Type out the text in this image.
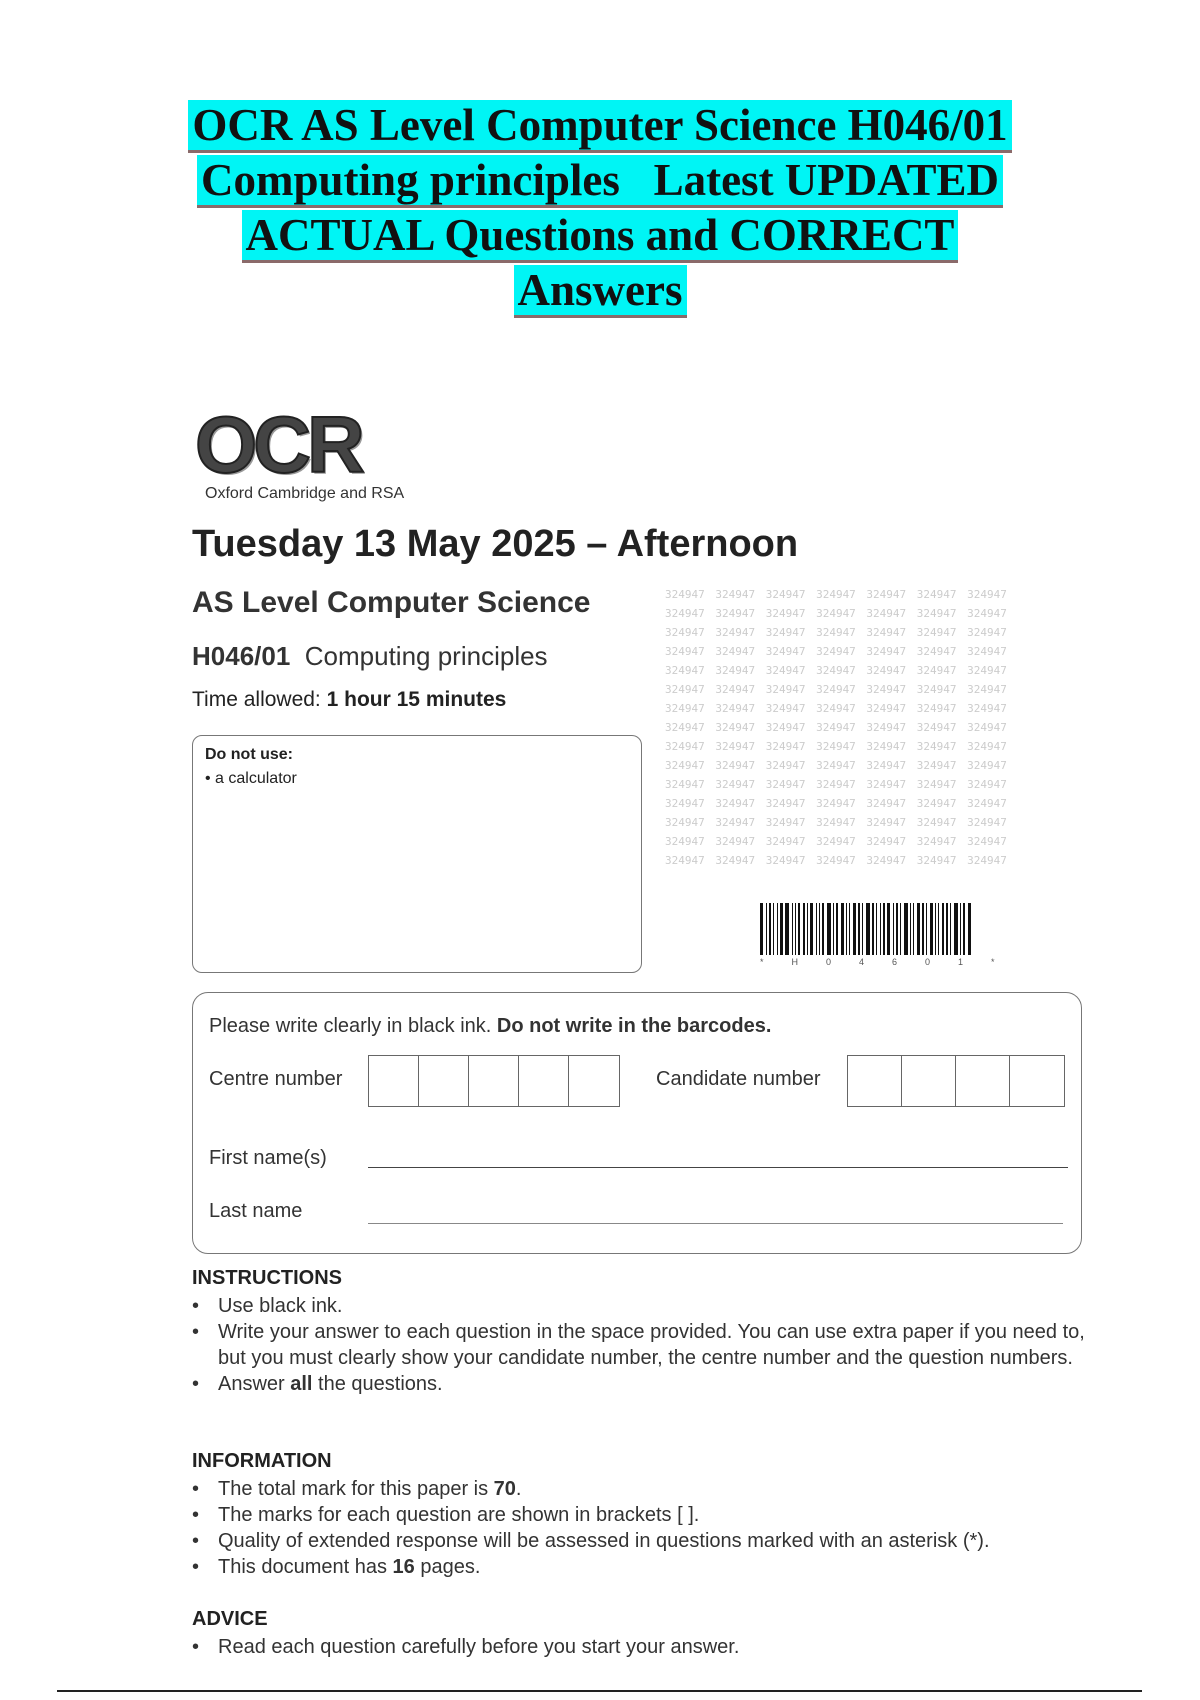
OCR AS Level Computer Science H046/01
Computing principles   Latest UPDATED
ACTUAL Questions and CORRECT
Answers
OCR
Oxford Cambridge and RSA
324947 324947 324947 324947 324947 324947 324947 324947 324947 324947 324947 324947 324947 324947 324947 324947 324947 324947 324947 324947 324947 324947 324947 324947 324947 324947 324947 324947 324947 324947 324947 324947 324947 324947 324947 324947 324947 324947 324947 324947 324947 324947 324947 324947 324947 324947 324947 324947 324947 324947 324947 324947 324947 324947 324947 324947 324947 324947 324947 324947 324947 324947 324947 324947 324947 324947 324947 324947 324947 324947 324947 324947 324947 324947 324947 324947 324947 324947 324947 324947 324947 324947 324947 324947 324947 324947 324947 324947 324947 324947 324947 324947 324947 324947 324947 324947 324947 324947 324947 324947 324947 324947 324947 324947 324947
Tuesday 13 May 2025 – Afternoon
AS Level Computer Science
H046/01 Computing principles
Time allowed: 1 hour 15 minutes
Do not use:
• a calculator
*H04601*
Please write clearly in black ink. Do not write in the barcodes.
Centre number	Candidate number
First name(s)
Last name
INSTRUCTIONS
• Use black ink.
• Write your answer to each question in the space provided. You can use extra paper if you need to, but you must clearly show your candidate number, the centre number and the question numbers.
• Answer all the questions.
INFORMATION
• The total mark for this paper is 70.
• The marks for each question are shown in brackets [ ].
• Quality of extended response will be assessed in questions marked with an asterisk (*).
• This document has 16 pages.
ADVICE
• Read each question carefully before you start your answer.
